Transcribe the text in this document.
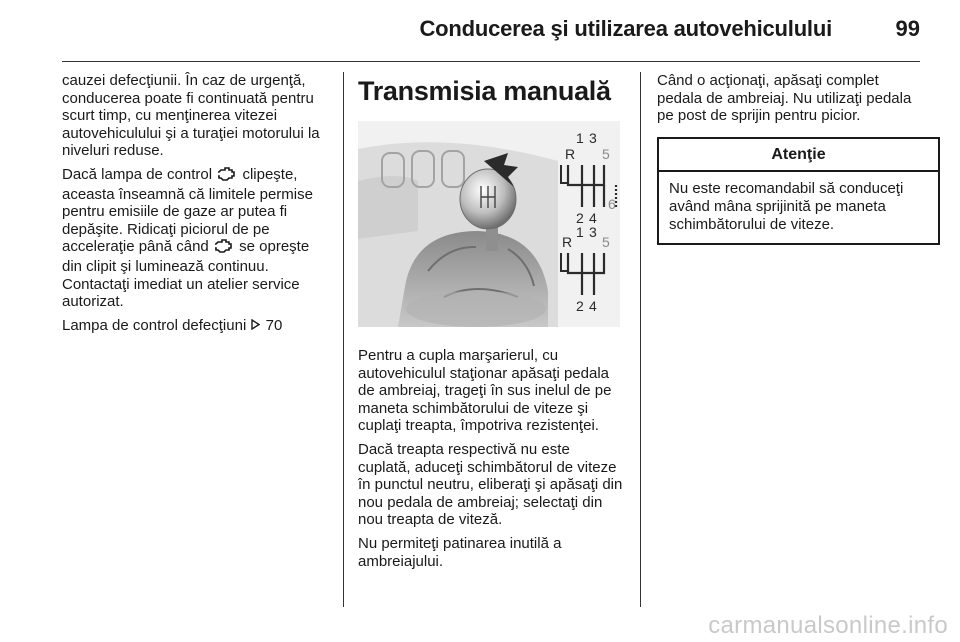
Conducerea şi utilizarea autovehiculului	99

cauzei defecţiunii. În caz de urgenţă, conducerea poate fi continuată pentru scurt timp, cu menţinerea vitezei autovehiculului şi a turaţiei motorului la niveluri reduse.

Dacă lampa de control clipeşte, aceasta înseamnă că limitele permise pentru emisiile de gaze ar putea fi depăşite. Ridicaţi piciorul de pe acceleraţie până când se opreşte din clipit şi luminează continuu. Contactaţi imediat un atelier service autorizat.

Lampa de control defecţiuni 70

Transmisia manuală
R
1 3
5
2 4
6
R
1 3
5
2 4

Pentru a cupla marşarierul, cu autovehiculul staţionar apăsaţi pedala de ambreiaj, trageţi în sus inelul de pe maneta schimbătorului de viteze şi cuplaţi treapta, împotriva rezistenţei.

Dacă treapta respectivă nu este cuplată, aduceţi schimbătorul de viteze în punctul neutru, eliberaţi şi apăsaţi din nou pedala de ambreiaj; selectaţi din nou treapta de viteză.

Nu permiteţi patinarea inutilă a ambreiajului.

Când o acţionaţi, apăsaţi complet pedala de ambreiaj. Nu utilizaţi pedala pe post de sprijin pentru picior.

Atenţie
Nu este recomandabil să conduceţi având mâna sprijinită pe maneta schimbătorului de viteze.
carmanualsonline.info
